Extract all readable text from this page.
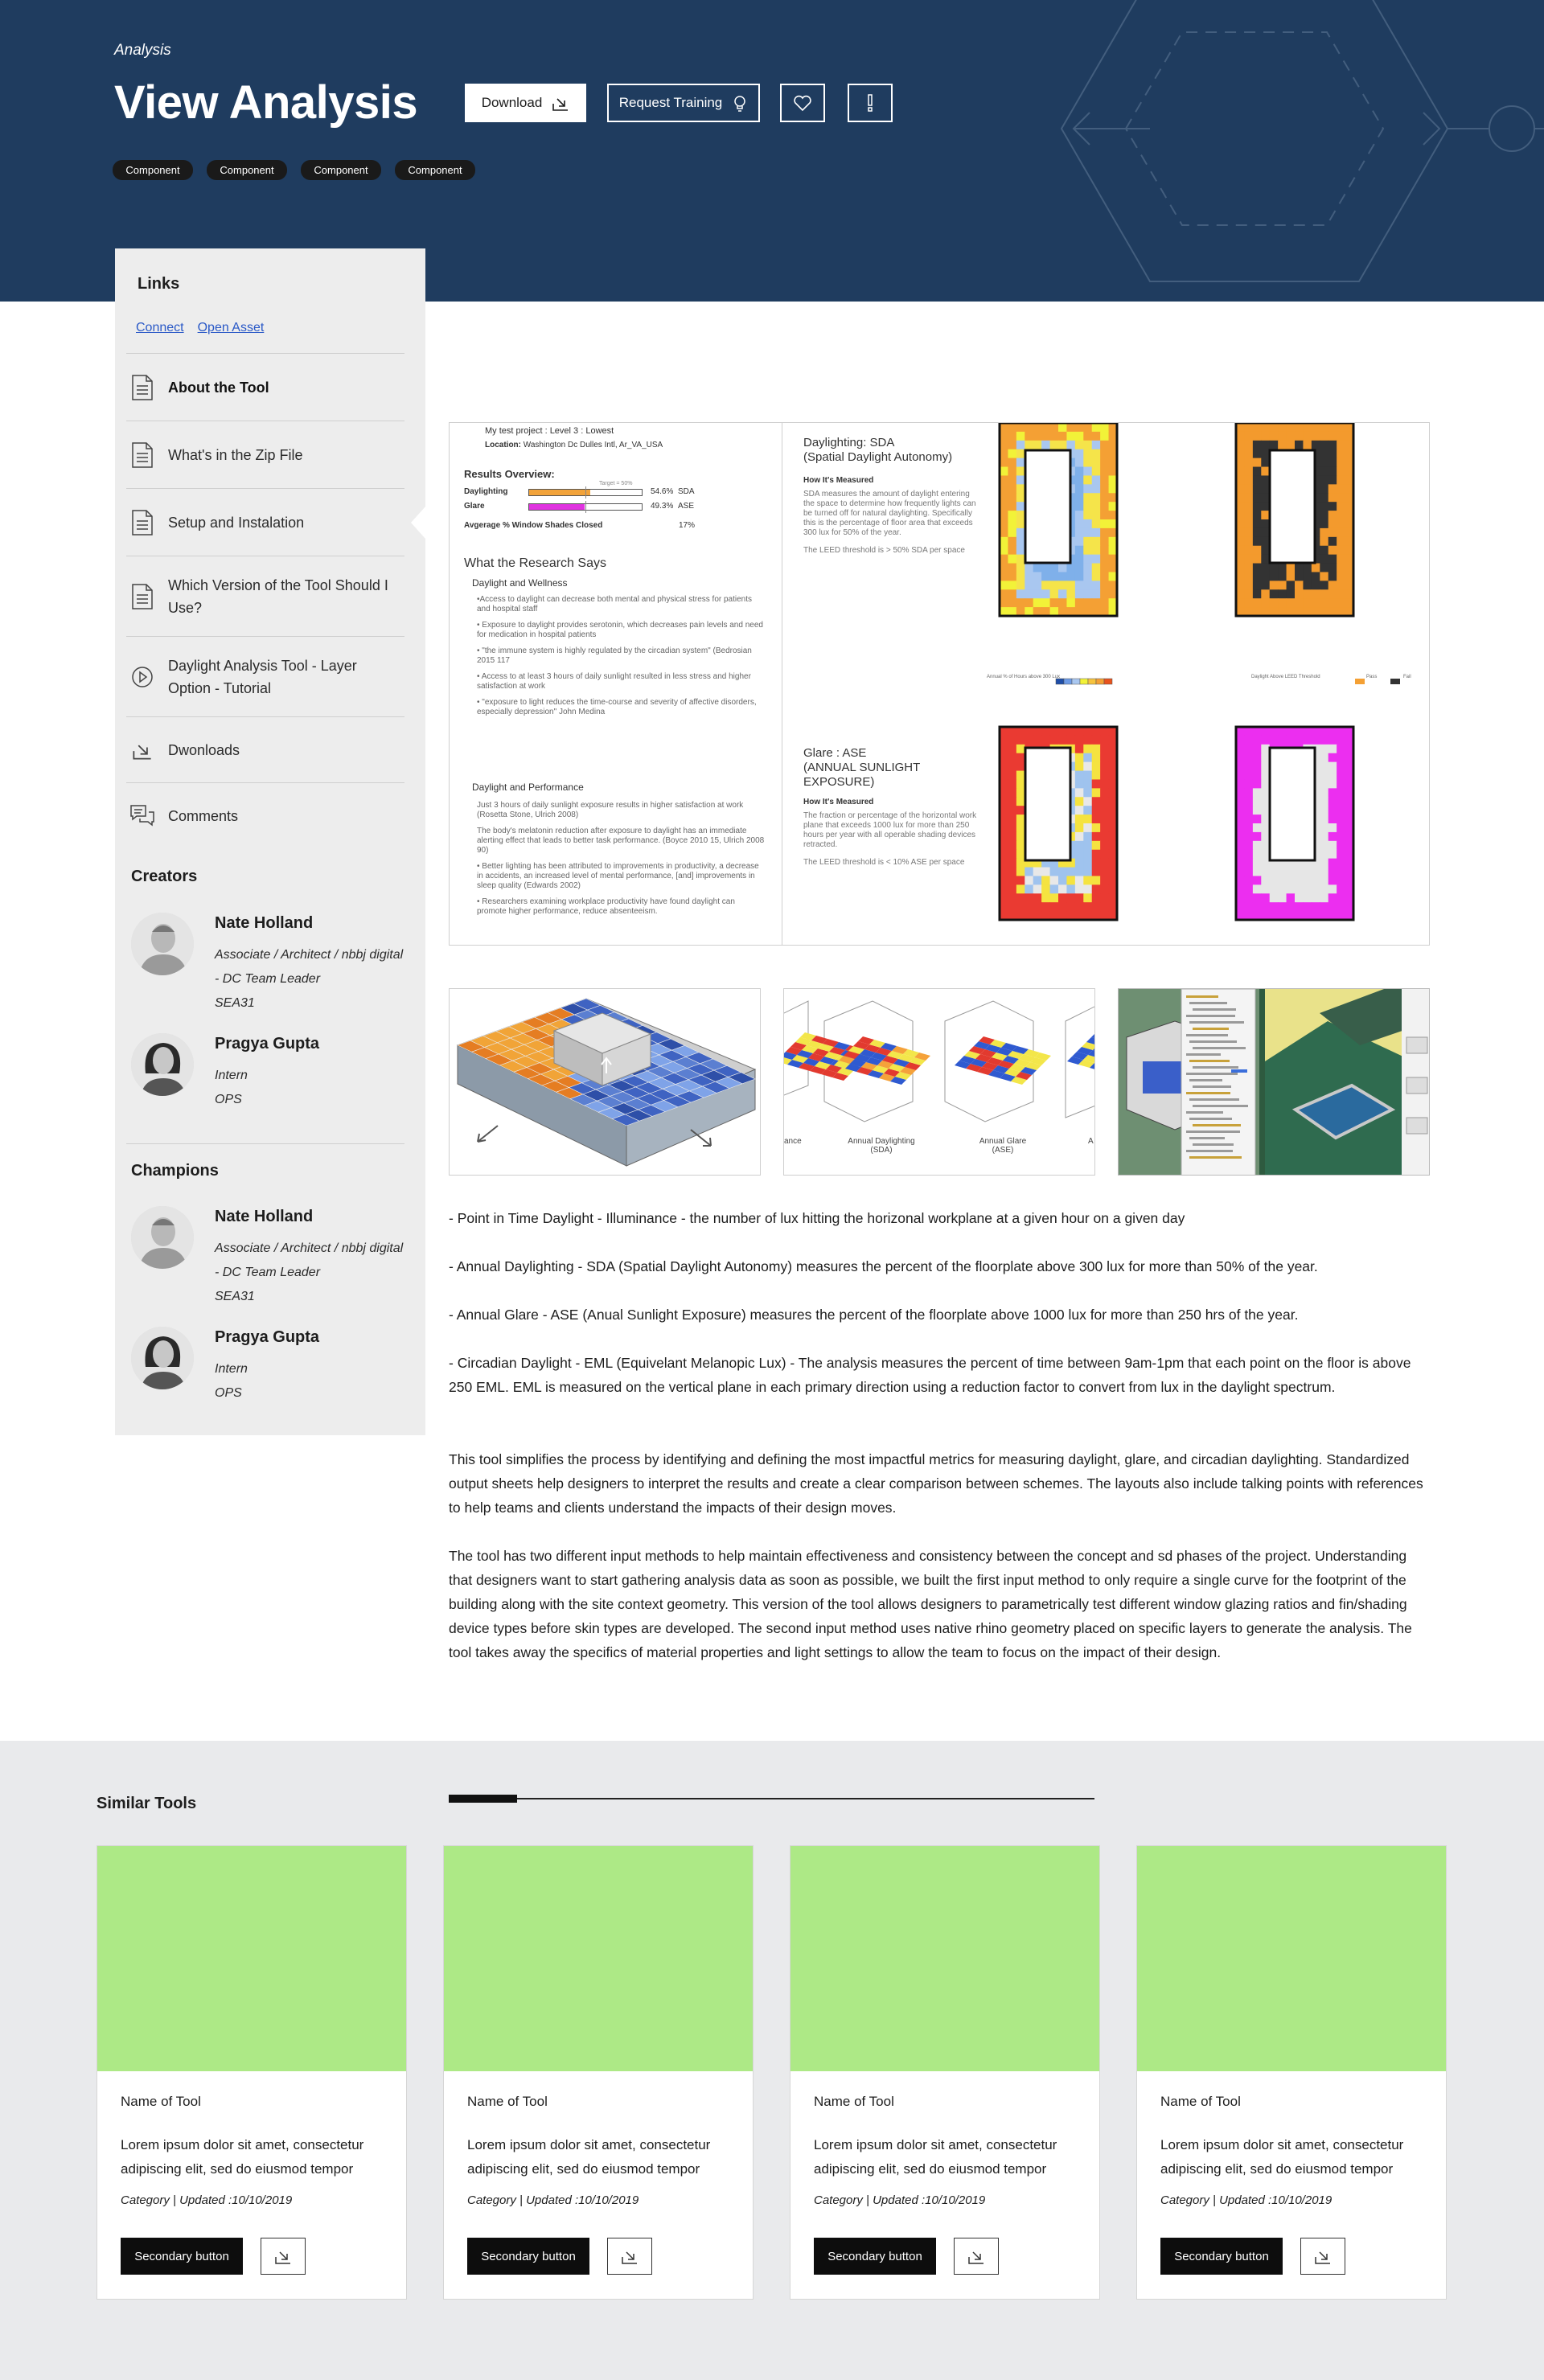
Analysis
View Analysis	Download	Request Training
Component	Component	Component	Component
Links
Connect Open Asset
About the Tool
What's in the Zip File
Setup and Instalation
Which Version of the Tool Should I Use?
Daylight Analysis Tool - Layer Option - Tutorial
Dwonloads
Comments
Creators
Nate Holland
Associate / Architect / nbbj digital - DC Team Leader
SEA31
Pragya Gupta
Intern
OPS
Champions
Nate Holland
Associate / Architect / nbbj digital - DC Team Leader
SEA31
Pragya Gupta
Intern
OPS
My test project : Level 3 : Lowest
Location: Washington Dc Dulles Intl, Ar_VA_USA
Results Overview:
Target = 50%
Daylighting	54.6% SDA
Glare	49.3% ASE
Avgerage % Window Shades Closed	17%
What the Research Says
Daylight and Wellness

•Access to daylight can decrease both mental and physical stress for patients and hospital staff

• Exposure to daylight provides serotonin, which decreases pain levels and need for medication in hospital patients

• "the immune system is highly regulated by the circadian system" (Bedrosian 2015 117

• Access to at least 3 hours of daily sunlight resulted in less stress and higher satisfaction at work

• "exposure to light reduces the time-course and severity of affective disorders, especially depression" John Medina

Daylight and Performance

Just 3 hours of daily sunlight exposure results in higher satisfaction at work (Rosetta Stone, Ulrich 2008)

The body's melatonin reduction after exposure to daylight has an immediate alerting effect that leads to better task performance. (Boyce 2010 15, Ulrich 2008 90)

• Better lighting has been attributed to improvements in productivity, a decrease in accidents, an increased level of mental performance, [and] improvements in sleep quality (Edwards 2002)

• Researchers examining workplace productivity have found daylight can promote higher performance, reduce absenteeism.

Daylighting: SDA
(Spatial Daylight Autonomy)
How It's Measured
SDA measures the amount of daylight entering the space to determine how frequently lights can be turned off for natural daylighting. Specifically this is the percentage of floor area that exceeds 300 lux for 50% of the year.
The LEED threshold is > 50% SDA per space
Glare : ASE
(ANNUAL SUNLIGHT
EXPOSURE)
How It's Measured
The fraction or percentage of the horizontal work plane that exceeds 1000 lux for more than 250 hours per year with all operable shading devices retracted.
The LEED threshold is < 10% ASE per space
Annual % of Hours above 300 Lux	Daylight Above LEED Threshold	Pass	Fail
ance	Annual Daylighting
(SDA)
Annual Glare
(ASE)
A
- Point in Time Daylight - Illuminance - the number of lux hitting the horizonal workplane at a given hour on a given day
- Annual Daylighting - SDA (Spatial Daylight Autonomy) measures the percent of the floorplate above 300 lux for more than 50% of the year.
- Annual Glare - ASE (Anual Sunlight Exposure) measures the percent of the floorplate above 1000 lux for more than 250 hrs of the year.
- Circadian Daylight - EML (Equivelant Melanopic Lux) - The analysis measures the percent of time between 9am-1pm that each point on the floor is above 250 EML. EML is measured on the vertical plane in each primary direction using a reduction factor to convert from lux in the daylight spectrum.
This tool simplifies the process by identifying and defining the most impactful metrics for measuring daylight, glare, and circadian daylighting. Standardized output sheets help designers to interpret the results and create a clear comparison between schemes. The layouts also include talking points with references to help teams and clients understand the impacts of their design moves.
The tool has two different input methods to help maintain effectiveness and consistency between the concept and sd phases of the project. Understanding that designers want to start gathering analysis data as soon as possible, we built the first input method to only require a single curve for the footprint of the building along with the site context geometry. This version of the tool allows designers to parametrically test different window glazing ratios and fin/shading device types before skin types are developed. The second input method uses native rhino geometry placed on specific layers to generate the analysis. The tool takes away the specifics of material properties and light settings to allow the team to focus on the impact of their design.
Similar Tools
Name of Tool
Lorem ipsum dolor sit amet, consectetur adipiscing elit, sed do eiusmod tempor
Category | Updated :10/10/2019
Secondary button
Name of Tool
Lorem ipsum dolor sit amet, consectetur adipiscing elit, sed do eiusmod tempor
Category | Updated :10/10/2019
Secondary button
Name of Tool
Lorem ipsum dolor sit amet, consectetur adipiscing elit, sed do eiusmod tempor
Category | Updated :10/10/2019
Secondary button
Name of Tool
Lorem ipsum dolor sit amet, consectetur adipiscing elit, sed do eiusmod tempor
Category | Updated :10/10/2019
Secondary button
